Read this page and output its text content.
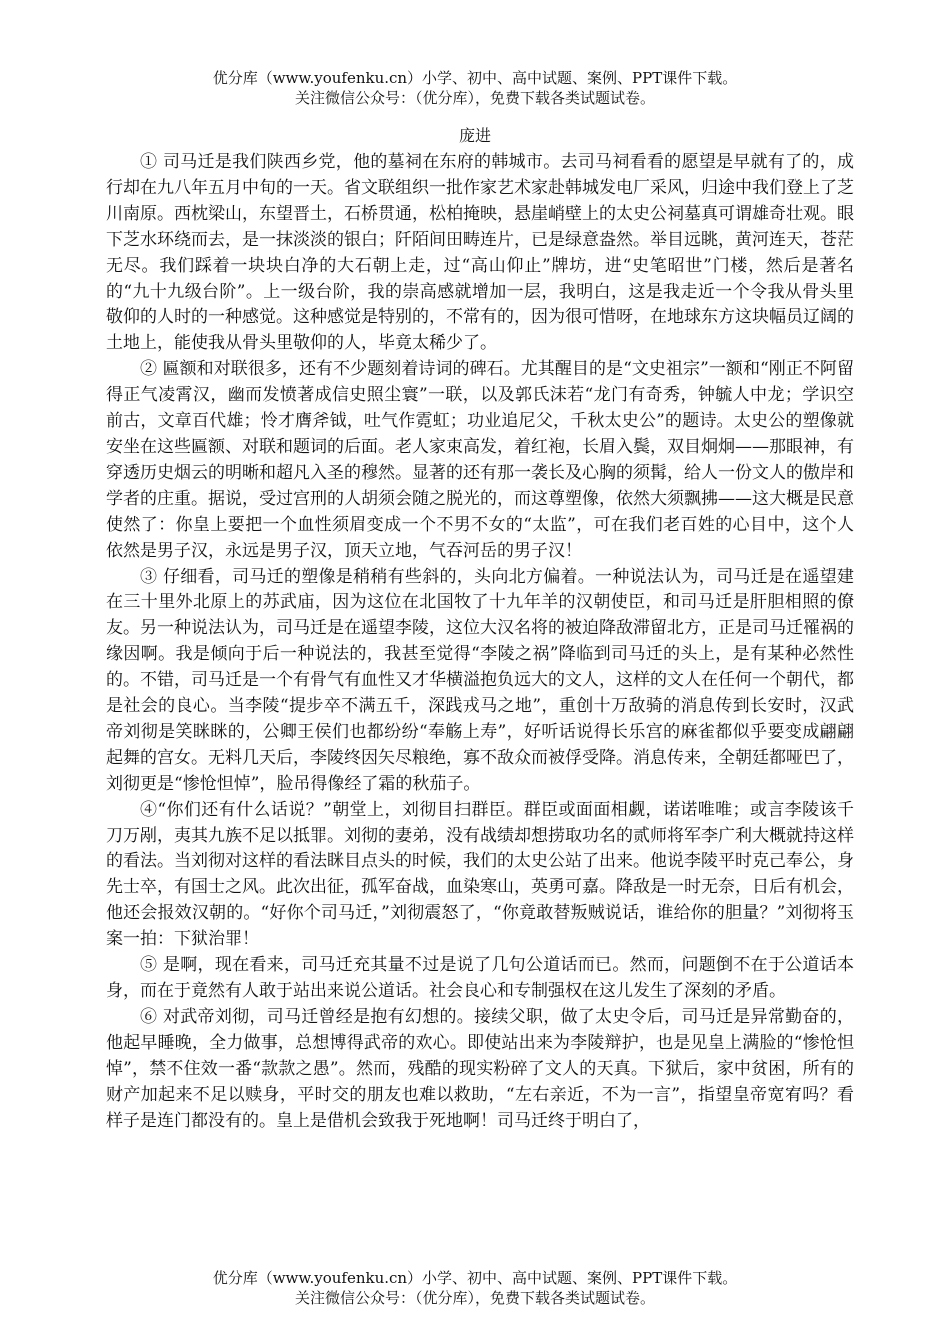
优分库（www.youfenku.cn）小学、初中、高中试题、案例、PPT课件下载。
关注微信公众号：（优分库），免费下载各类试题试卷。
庞进

① 司马迁是我们陕西乡党，他的墓祠在东府的韩城市。去司马祠看看的愿望是早就有了的，成行却在九八年五月中旬的一天。省文联组织一批作家艺术家赴韩城发电厂采风，归途中我们登上了芝川南原。西枕梁山，东望晋土，石桥贯通，松柏掩映，悬崖峭壁上的太史公祠墓真可谓雄奇壮观。眼下芝水环绕而去，是一抹淡淡的银白；阡陌间田畴连片，已是绿意盎然。举目远眺，黄河连天，苍茫无尽。我们踩着一块块白净的大石朝上走，过“高山仰止”牌坊，进“史笔昭世”门楼，然后是著名的“九十九级台阶”。上一级台阶，我的崇高感就增加一层，我明白，这是我走近一个令我从骨头里敬仰的人时的一种感觉。这种感觉是特别的，不常有的，因为很可惜呀，在地球东方这块幅员辽阔的土地上，能使我从骨头里敬仰的人，毕竟太稀少了。

② 匾额和对联很多，还有不少题刻着诗词的碑石。尤其醒目的是“文史祖宗”一额和“刚正不阿留得正气凌霄汉，幽而发愤著成信史照尘寰”一联，以及郭氏沫若“龙门有奇秀，钟毓人中龙；学识空前古，文章百代雄；怜才膺斧钺，吐气作霓虹；功业追尼父，千秋太史公”的题诗。太史公的塑像就安坐在这些匾额、对联和题词的后面。老人家束高发，着红袍，长眉入鬓，双目炯炯——那眼神，有穿透历史烟云的明晰和超凡入圣的穆然。显著的还有那一袭长及心胸的须髯，给人一份文人的傲岸和学者的庄重。据说，受过宫刑的人胡须会随之脱光的，而这尊塑像，依然大须飘拂——这大概是民意使然了：你皇上要把一个血性须眉变成一个不男不女的“太监”，可在我们老百姓的心目中，这个人依然是男子汉，永远是男子汉，顶天立地，气吞河岳的男子汉！

③ 仔细看，司马迁的塑像是稍稍有些斜的，头向北方偏着。一种说法认为，司马迁是在遥望建在三十里外北原上的苏武庙，因为这位在北国牧了十九年羊的汉朝使臣，和司马迁是肝胆相照的僚友。另一种说法认为，司马迁是在遥望李陵，这位大汉名将的被迫降敌滞留北方，正是司马迁罹祸的缘因啊。我是倾向于后一种说法的，我甚至觉得“李陵之祸”降临到司马迁的头上，是有某种必然性的。不错，司马迁是一个有骨气有血性又才华横溢抱负远大的文人，这样的文人在任何一个朝代，都是社会的良心。当李陵“提步卒不满五千，深践戎马之地”，重创十万敌骑的消息传到长安时，汉武帝刘彻是笑眯眯的，公卿王侯们也都纷纷“奉觞上寿”，好听话说得长乐宫的麻雀都似乎要变成翩翩起舞的宫女。无料几天后，李陵终因矢尽粮绝，寡不敌众而被俘受降。消息传来，全朝廷都哑巴了，刘彻更是“惨怆怛悼”，脸吊得像经了霜的秋茄子。

④“你们还有什么话说？”朝堂上，刘彻目扫群臣。群臣或面面相觑，诺诺唯唯；或言李陵该千刀万剐，夷其九族不足以抵罪。刘彻的妻弟，没有战绩却想捞取功名的贰师将军李广利大概就持这样的看法。当刘彻对这样的看法眯目点头的时候，我们的太史公站了出来。他说李陵平时克己奉公，身先士卒，有国士之风。此次出征，孤军奋战，血染寒山，英勇可嘉。降敌是一时无奈，日后有机会，他还会报效汉朝的。“好你个司马迁，”刘彻震怒了，“你竟敢替叛贼说话，谁给你的胆量？”刘彻将玉案一拍：下狱治罪！

⑤ 是啊，现在看来，司马迁充其量不过是说了几句公道话而已。然而，问题倒不在于公道话本身，而在于竟然有人敢于站出来说公道话。社会良心和专制强权在这儿发生了深刻的矛盾。

⑥ 对武帝刘彻，司马迁曾经是抱有幻想的。接续父职，做了太史令后，司马迁是异常勤奋的，他起早睡晚，全力做事，总想博得武帝的欢心。即使站出来为李陵辩护，也是见皇上满脸的“惨怆怛悼”，禁不住效一番“款款之愚”。然而，残酷的现实粉碎了文人的天真。下狱后，家中贫困，所有的财产加起来不足以赎身，平时交的朋友也难以救助，“左右亲近，不为一言”，指望皇帝宽宥吗？看样子是连门都没有的。皇上是借机会致我于死地啊！司马迁终于明白了，

优分库（www.youfenku.cn）小学、初中、高中试题、案例、PPT课件下载。
关注微信公众号：（优分库），免费下载各类试题试卷。
